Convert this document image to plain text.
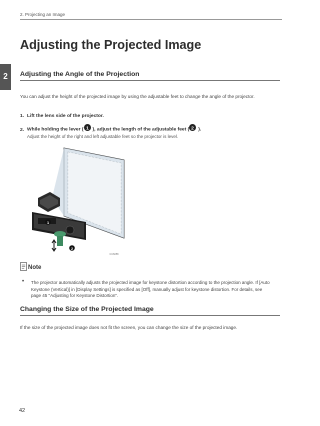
2. Projecting an Image
2
Adjusting the Projected Image
Adjusting the Angle of the Projection

You can adjust the height of the projected image by using the adjustable feet to change the angle of the projector.

1. Lift the lens side of the projector.
2. While holding the lever ( 1 ), adjust the length of the adjustable feet ( 2 ).
Adjust the height of the right and left adjustable feet so the projector is level.
1
2
CUS058
Note
• The projector automatically adjusts the projected image for keystone distortion according to the projection angle. If [Auto Keystone (Vertical)] in [Display Settings] is specified as [Off], manually adjust for keystone distortion. For details, see page 45 "Adjusting for Keystone Distortion".

Changing the Size of the Projected Image

If the size of the projected image does not fit the screen, you can change the size of the projected image.

42
